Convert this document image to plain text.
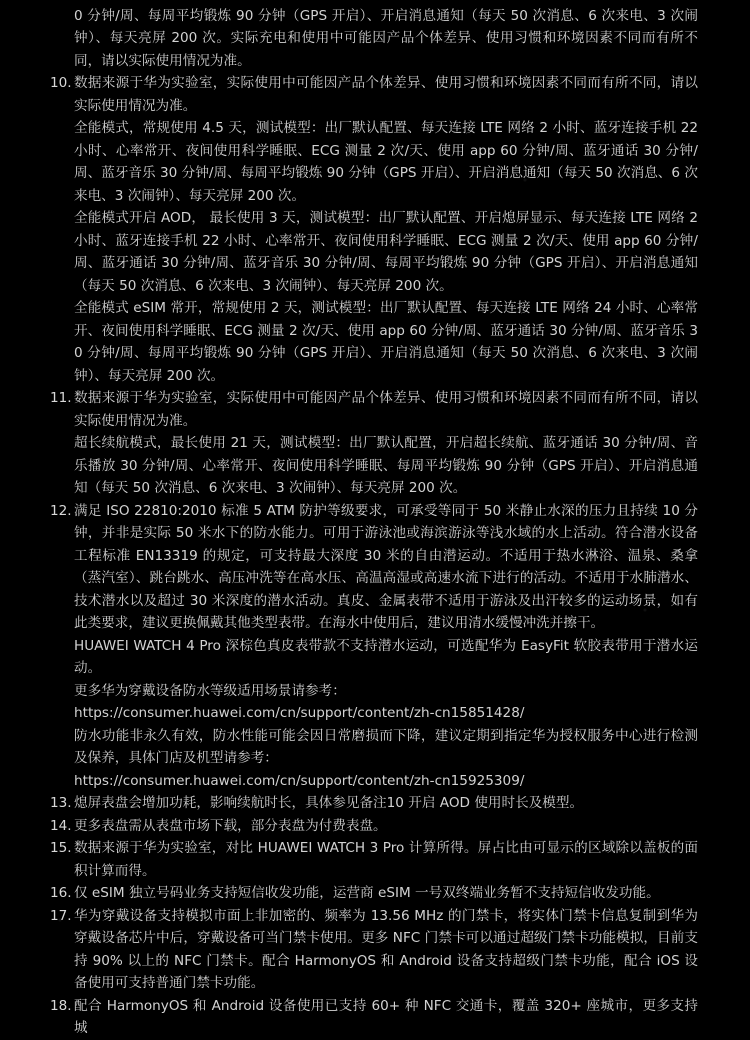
0 分钟/周、每周平均锻炼 90 分钟（GPS 开启）、开启消息通知（每天 50 次消息、6 次来电、3 次闹钟）、每天亮屏 200 次。实际充电和使用中可能因产品个体差异、使用习惯和环境因素不同而有所不同，请以实际使用情况为准。

10. 数据来源于华为实验室，实际使用中可能因产品个体差异、使用习惯和环境因素不同而有所不同，请以实际使用情况为准。

全能模式，常规使用 4.5 天，测试模型：出厂默认配置、每天连接 LTE 网络 2 小时、蓝牙连接手机 22 小时、心率常开、夜间使用科学睡眠、ECG 测量 2 次/天、使用 app 60 分钟/周、蓝牙通话 30 分钟/周、蓝牙音乐 30 分钟/周、每周平均锻炼 90 分钟（GPS 开启）、开启消息通知（每天 50 次消息、6 次来电、3 次闹钟）、每天亮屏 200 次。

全能模式开启 AOD， 最长使用 3 天，测试模型：出厂默认配置、开启熄屏显示、每天连接 LTE 网络 2 小时、蓝牙连接手机 22 小时、心率常开、夜间使用科学睡眠、ECG 测量 2 次/天、使用 app 60 分钟/周、蓝牙通话 30 分钟/周、蓝牙音乐 30 分钟/周、每周平均锻炼 90 分钟（GPS 开启）、开启消息通知（每天 50 次消息、6 次来电、3 次闹钟）、每天亮屏 200 次。

全能模式 eSIM 常开，常规使用 2 天，测试模型：出厂默认配置、每天连接 LTE 网络 24 小时、心率常开、夜间使用科学睡眠、ECG 测量 2 次/天、使用 app 60 分钟/周、蓝牙通话 30 分钟/周、蓝牙音乐 30 分钟/周、每周平均锻炼 90 分钟（GPS 开启）、开启消息通知（每天 50 次消息、6 次来电、3 次闹钟）、每天亮屏 200 次。

11. 数据来源于华为实验室，实际使用中可能因产品个体差异、使用习惯和环境因素不同而有所不同，请以实际使用情况为准。

超长续航模式，最长使用 21 天，测试模型：出厂默认配置，开启超长续航、蓝牙通话 30 分钟/周、音乐播放 30 分钟/周、心率常开、夜间使用科学睡眠、每周平均锻炼 90 分钟（GPS 开启）、开启消息通知（每天 50 次消息、6 次来电、3 次闹钟）、每天亮屏 200 次。

12. 满足 ISO 22810:2010 标准 5 ATM 防护等级要求，可承受等同于 50 米静止水深的压力且持续 10 分钟，并非是实际 50 米水下的防水能力。可用于游泳池或海滨游泳等浅水域的水上活动。符合潜水设备工程标准 EN13319 的规定，可支持最大深度 30 米的自由潜运动。不适用于热水淋浴、温泉、桑拿（蒸汽室）、跳台跳水、高压冲洗等在高水压、高温高湿或高速水流下进行的活动。不适用于水肺潜水、技术潜水以及超过 30 米深度的潜水活动。真皮、金属表带不适用于游泳及出汗较多的运动场景，如有此类要求，建议更换佩戴其他类型表带。在海水中使用后，建议用清水缓慢冲洗并擦干。

HUAWEI WATCH 4 Pro 深棕色真皮表带款不支持潜水运动，可选配华为 EasyFit 软胶表带用于潜水运动。

更多华为穿戴设备防水等级适用场景请参考：

https://consumer.huawei.com/cn/support/content/zh-cn15851428/

防水功能非永久有效，防水性能可能会因日常磨损而下降，建议定期到指定华为授权服务中心进行检测及保养，具体门店及机型请参考：

https://consumer.huawei.com/cn/support/content/zh-cn15925309/

13. 熄屏表盘会增加功耗，影响续航时长，具体参见备注10 开启 AOD 使用时长及模型。

14. 更多表盘需从表盘市场下载，部分表盘为付费表盘。

15. 数据来源于华为实验室，对比 HUAWEI WATCH 3 Pro 计算所得。屏占比由可显示的区域除以盖板的面积计算而得。

16. 仅 eSIM 独立号码业务支持短信收发功能，运营商 eSIM 一号双终端业务暂不支持短信收发功能。

17. 华为穿戴设备支持模拟市面上非加密的、频率为 13.56 MHz 的门禁卡，将实体门禁卡信息复制到华为穿戴设备芯片中后，穿戴设备可当门禁卡使用。更多 NFC 门禁卡可以通过超级门禁卡功能模拟，目前支持 90% 以上的 NFC 门禁卡。配合 HarmonyOS 和 Android 设备支持超级门禁卡功能，配合 iOS 设备使用可支持普通门禁卡功能。

18. 配合 HarmonyOS 和 Android 设备使用已支持 60+ 种 NFC 交通卡，覆盖 320+ 座城市，更多支持城
